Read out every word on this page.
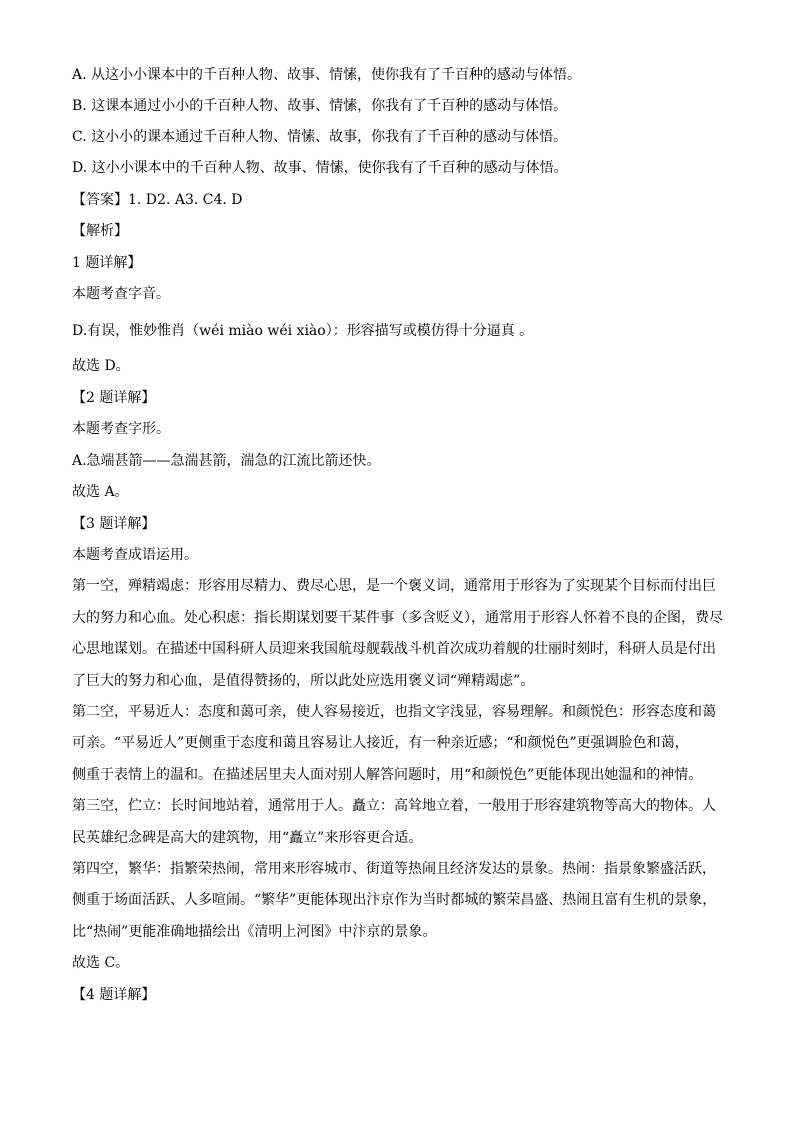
A. 从这小小课本中的千百种人物、故事、情愫，使你我有了千百种的感动与体悟。
B. 这课本通过小小的千百种人物、故事、情愫，你我有了千百种的感动与体悟。
C. 这小小的课本通过千百种人物、情愫、故事，你我有了千百种的感动与体悟。
D. 这小小课本中的千百种人物、故事、情愫，使你我有了千百种的感动与体悟。
【答案】1. D2. A3. C4. D
【解析】
1 题详解】
本题考查字音。
D.有误，惟妙惟肖（wéi miào wéi xiào）：形容描写或模仿得十分逼真 。
故选 D。
【2 题详解】
本题考查字形。
A.急端甚箭——急湍甚箭，湍急的江流比箭还快。
故选 A。
【3 题详解】
本题考查成语运用。
第一空，殚精竭虑：形容用尽精力、费尽心思，是一个褒义词，通常用于形容为了实现某个目标而付出巨
大的努力和心血。处心积虑：指长期谋划要干某件事（多含贬义），通常用于形容人怀着不良的企图，费尽
心思地谋划。在描述中国科研人员迎来我国航母舰载战斗机首次成功着舰的壮丽时刻时，科研人员是付出
了巨大的努力和心血，是值得赞扬的，所以此处应选用褒义词“殚精竭虑”。
第二空，平易近人：态度和蔼可亲，使人容易接近，也指文字浅显，容易理解。和颜悦色：形容态度和蔼
可亲。“平易近人”更侧重于态度和蔼且容易让人接近，有一种亲近感；“和颜悦色”更强调脸色和蔼，
侧重于表情上的温和。在描述居里夫人面对别人解答问题时，用“和颜悦色”更能体现出她温和的神情。
第三空，伫立：长时间地站着，通常用于人。矗立：高耸地立着，一般用于形容建筑物等高大的物体。人
民英雄纪念碑是高大的建筑物，用“矗立”来形容更合适。
第四空，繁华：指繁荣热闹，常用来形容城市、街道等热闹且经济发达的景象。热闹：指景象繁盛活跃，
侧重于场面活跃、人多喧闹。“繁华”更能体现出汴京作为当时都城的繁荣昌盛、热闹且富有生机的景象，
比“热闹”更能准确地描绘出《清明上河图》中汴京的景象。
故选 C。
【4 题详解】
